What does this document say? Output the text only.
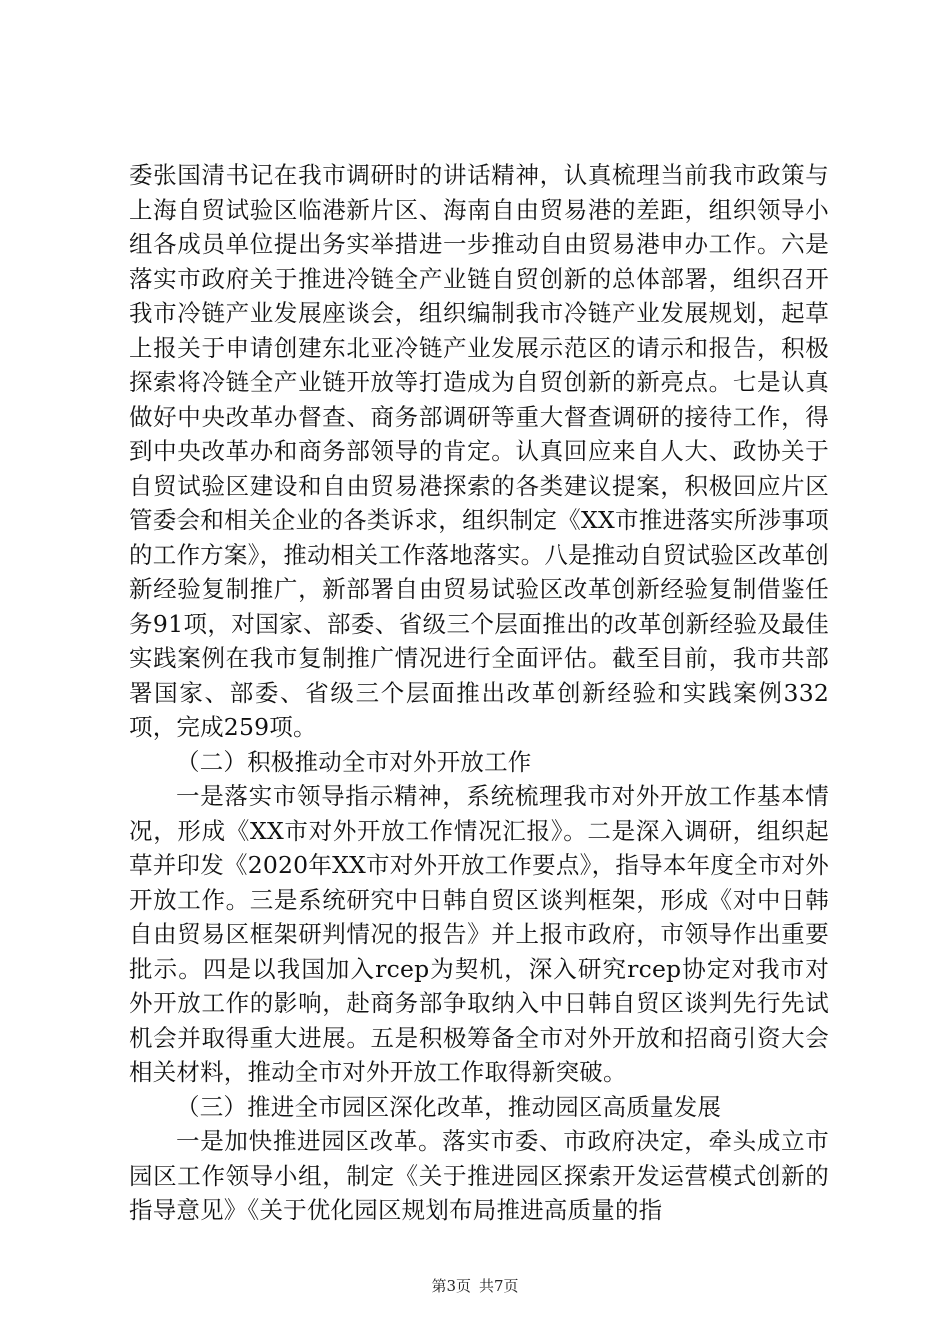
委张国清书记在我市调研时的讲话精神，认真梳理当前我市政策与上海自贸试验区临港新片区、海南自由贸易港的差距，组织领导小组各成员单位提出务实举措进一步推动自由贸易港申办工作。六是落实市政府关于推进冷链全产业链自贸创新的总体部署，组织召开我市冷链产业发展座谈会，组织编制我市冷链产业发展规划，起草上报关于申请创建东北亚冷链产业发展示范区的请示和报告，积极探索将冷链全产业链开放等打造成为自贸创新的新亮点。七是认真做好中央改革办督查、商务部调研等重大督查调研的接待工作，得到中央改革办和商务部领导的肯定。认真回应来自人大、政协关于自贸试验区建设和自由贸易港探索的各类建议提案，积极回应片区管委会和相关企业的各类诉求，组织制定《XX市推进落实所涉事项的工作方案》，推动相关工作落地落实。八是推动自贸试验区改革创新经验复制推广，新部署自由贸易试验区改革创新经验复制借鉴任务91项，对国家、部委、省级三个层面推出的改革创新经验及最佳实践案例在我市复制推广情况进行全面评估。截至目前，我市共部署国家、部委、省级三个层面推出改革创新经验和实践案例332项，完成259项。

（二）积极推动全市对外开放工作

一是落实市领导指示精神，系统梳理我市对外开放工作基本情况，形成《XX市对外开放工作情况汇报》。二是深入调研，组织起草并印发《2020年XX市对外开放工作要点》，指导本年度全市对外开放工作。三是系统研究中日韩自贸区谈判框架，形成《对中日韩自由贸易区框架研判情况的报告》并上报市政府，市领导作出重要批示。四是以我国加入rcep为契机，深入研究rcep协定对我市对外开放工作的影响，赴商务部争取纳入中日韩自贸区谈判先行先试机会并取得重大进展。五是积极筹备全市对外开放和招商引资大会相关材料，推动全市对外开放工作取得新突破。

（三）推进全市园区深化改革，推动园区高质量发展

一是加快推进园区改革。落实市委、市政府决定，牵头成立市园区工作领导小组，制定《关于推进园区探索开发运营模式创新的指导意见》《关于优化园区规划布局推进高质量的指

第3页 共7页
